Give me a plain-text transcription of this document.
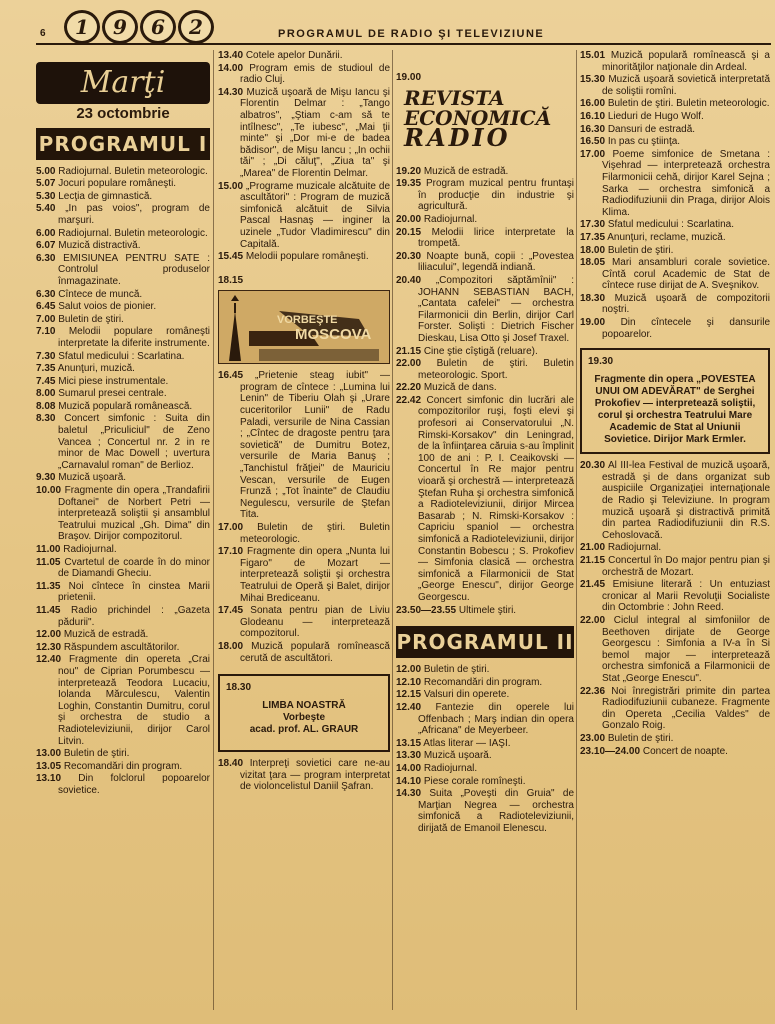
6	1	9	6	2	PROGRAMUL DE RADIO ŞI TELEVIZIUNE
Marţi
23 octombrie
PROGRAMUL I
5.00 Radiojurnal. Buletin meteorologic.
5.07 Jocuri populare româneşti.
5.30 Lecţia de gimnastică.
5.40 „In pas voios", program de marşuri.
6.00 Radiojurnal. Buletin meteorologic.
6.07 Muzică distractivă.
6.30 EMISIUNEA PENTRU SATE : Controlul produselor înmagazinate.
6.30 Cîntece de muncă.
6.45 Salut voios de pionier.
7.00 Buletin de ştiri.
7.10 Melodii populare româneşti interpretate la diferite instrumente.
7.30 Sfatul medicului : Scarlatina.
7.35 Anunţuri, muzică.
7.45 Mici piese instrumentale.
8.00 Sumarul presei centrale.
8.08 Muzică populară românească.
8.30 Concert simfonic : Suita din baletul „Priculiciul" de Zeno Vancea ; Concertul nr. 2 in re minor de Mac Dowell ; uvertura „Carnavalul roman" de Berlioz.
9.30 Muzică uşoară.
10.00 Fragmente din opera „Trandafirii Doftanei" de Norbert Petri — interpretează soliştii şi ansamblul Teatrului muzical „Gh. Dima" din Braşov. Dirijor compozitorul.
11.00 Radiojurnal.
11.05 Cvartetul de coarde în do minor de Diamandi Gheciu.
11.35 Noi cîntece în cinstea Marii prietenii.
11.45 Radio prichindel : „Gazeta pădurii".
12.00 Muzică de estradă.
12.30 Răspundem ascultătorilor.
12.40 Fragmente din opereta „Crai nou" de Ciprian Porumbescu — interpretează Teodora Lucaciu, Iolanda Mărculescu, Valentin Loghin, Constantin Dumitru, corul şi orchestra de studio a Radioteleviziunii, dirijor Carol Litvin.
13.00 Buletin de ştiri.
13.05 Recomandări din program.
13.10 Din folclorul popoarelor sovietice.
13.40 Cotele apelor Dunării.
14.00 Program emis de studioul de radio Cluj.
14.30 Muzică uşoară de Mişu Iancu şi Florentin Delmar : „Tango albatros", „Ştiam c-am să te intîlnesc", „Te iubesc", „Mai ţii minte" şi „Dor mi-e de badea bădisor", de Mişu Iancu ; „In ochii tăi" ; „Di căluţ", „Ziua ta" şi „Marea" de Florentin Delmar.
15.00 „Programe muzicale alcătuite de ascultători" : Program de muzică simfonică alcătuit de Silvia Pascal Hasnaş — inginer la uzinele „Tudor Vladimirescu" din Capitală.
15.45 Melodii populare româneşti.
18.15
VORBEŞTE
MOSCOVA
16.45 „Prietenie steag iubit" — program de cîntece : „Lumina lui Lenin" de Tiberiu Olah şi „Urare cuceritorilor Lunii" de Radu Paladi, versurile de Nina Cassian ; „Cîntec de dragoste pentru ţara sovietică" de Dumitru Botez, versurile de Maria Banuş ; „Tanchistul frăţiei" de Mauriciu Vescan, versurile de Eugen Frunză ; „Tot înainte" de Claudiu Negulescu, versurile de Ştefan Tita.
17.00 Buletin de ştiri. Buletin meteorologic.
17.10 Fragmente din opera „Nunta lui Figaro" de Mozart — interpretează soliştii şi orchestra Teatrului de Operă şi Balet, dirijor Mihai Brediceanu.
17.45 Sonata pentru pian de Liviu Glodeanu — interpretează compozitorul.
18.00 Muzică populară romînească cerută de ascultători.
18.30
LIMBA NOASTRĂ
Vorbeşte
acad. prof. AL. GRAUR
18.40 Interpreţi sovietici care ne-au vizitat ţara — program interpretat de violoncelistul Daniil Şafran.
19.00
REVISTA
ECONOMICĂ
RADIO
19.20 Muzică de estradă.
19.35 Program muzical pentru fruntaşi în producţie din industrie şi agricultură.
20.00 Radiojurnal.
20.15 Melodii lirice interpretate la trompetă.
20.30 Noapte bună, copii : „Povestea liliacului", legendă indiană.
20.40 „Compozitori săptămînii" : JOHANN SEBASTIAN BACH, „Cantata cafelei" — orchestra Filarmonicii din Berlin, dirijor Carl Forster. Solişti : Dietrich Fischer Dieskau, Lisa Otto şi Josef Traxel.
21.15 Cine ştie cîştigă (reluare).
22.00 Buletin de ştiri. Buletin meteorologic. Sport.
22.20 Muzică de dans.
22.42 Concert simfonic din lucrări ale compozitorilor ruşi, foşti elevi şi profesori ai Conservatorului „N. Rimski-Korsakov" din Leningrad, de la înfiinţarea căruia s-au împlinit 100 de ani : P. I. Ceaikovski — Concertul în Re major pentru vioară şi orchestră — interpretează Ştefan Ruha şi orchestra simfonică a Radioteleviziunii, dirijor Mircea Basarab ; N. Rimski-Korsakov : Capriciu spaniol — orchestra simfonică a Radioteleviziunii, dirijor Constantin Bobescu ; S. Prokofiev — Simfonia clasică — orchestra simfonică a Filarmonicii de Stat „George Enescu", dirijor George Georgescu.
23.50—23.55 Ultimele ştiri.
PROGRAMUL II
12.00 Buletin de ştiri.
12.10 Recomandări din program.
12.15 Valsuri din operete.
12.40 Fantezie din operele lui Offenbach ; Marş indian din opera „Africana" de Meyerbeer.
13.15 Atlas literar — IAŞI.
13.30 Muzică uşoară.
14.00 Radiojurnal.
14.10 Piese corale romîneşti.
14.30 Suita „Poveşti din Gruia" de Marţian Negrea — orchestra simfonică a Radioteleviziunii, dirijată de Emanoil Elenescu.
15.01 Muzică populară romînească şi a minorităţilor naţionale din Ardeal.
15.30 Muzică uşoară sovietică interpretată de soliştii romîni.
16.00 Buletin de ştiri. Buletin meteorologic.
16.10 Lieduri de Hugo Wolf.
16.30 Dansuri de estradă.
16.50 In pas cu ştiinţa.
17.00 Poeme simfonice de Smetana : Vişehrad — interpretează orchestra Filarmonicii cehă, dirijor Karel Sejna ; Sarka — orchestra simfonică a Radiodifuziunii din Praga, dirijor Alois Klima.
17.30 Sfatul medicului : Scarlatina.
17.35 Anunţuri, reclame, muzică.
18.00 Buletin de ştiri.
18.05 Mari ansambluri corale sovietice. Cîntă corul Academic de Stat de cîntece ruse dirijat de A. Sveşnikov.
18.30 Muzică uşoară de compozitorii noştri.
19.00 Din cîntecele şi dansurile popoarelor.
19.30
Fragmente din opera „POVESTEA UNUI OM ADEVĂRAT" de Serghei Prokofiev — interpretează soliştii, corul şi orchestra Teatrului Mare Academic de Stat al Uniunii Sovietice. Dirijor Mark Ermler.
20.30 Al III-lea Festival de muzică uşoară, estradă şi de dans organizat sub auspiciile Organizaţiei internaţionale de Radio şi Televiziune. In program muzică uşoară şi distractivă primită din partea Radiodifuziunii din R.S. Cehoslovacă.
21.00 Radiojurnal.
21.15 Concertul în Do major pentru pian şi orchestră de Mozart.
21.45 Emisiune literară : Un entuziast cronicar al Marii Revoluţii Socialiste din Octombrie : John Reed.
22.00 Ciclul integral al simfoniilor de Beethoven dirijate de George Georgescu : Simfonia a IV-a în Si bemol major — interpretează orchestra simfonică a Filarmonicii de Stat „George Enescu".
22.36 Noi înregistrări primite din partea Radiodifuziunii cubaneze. Fragmente din Opereta „Cecilia Valdes" de Gonzalo Roig.
23.00 Buletin de ştiri.
23.10—24.00 Concert de noapte.
